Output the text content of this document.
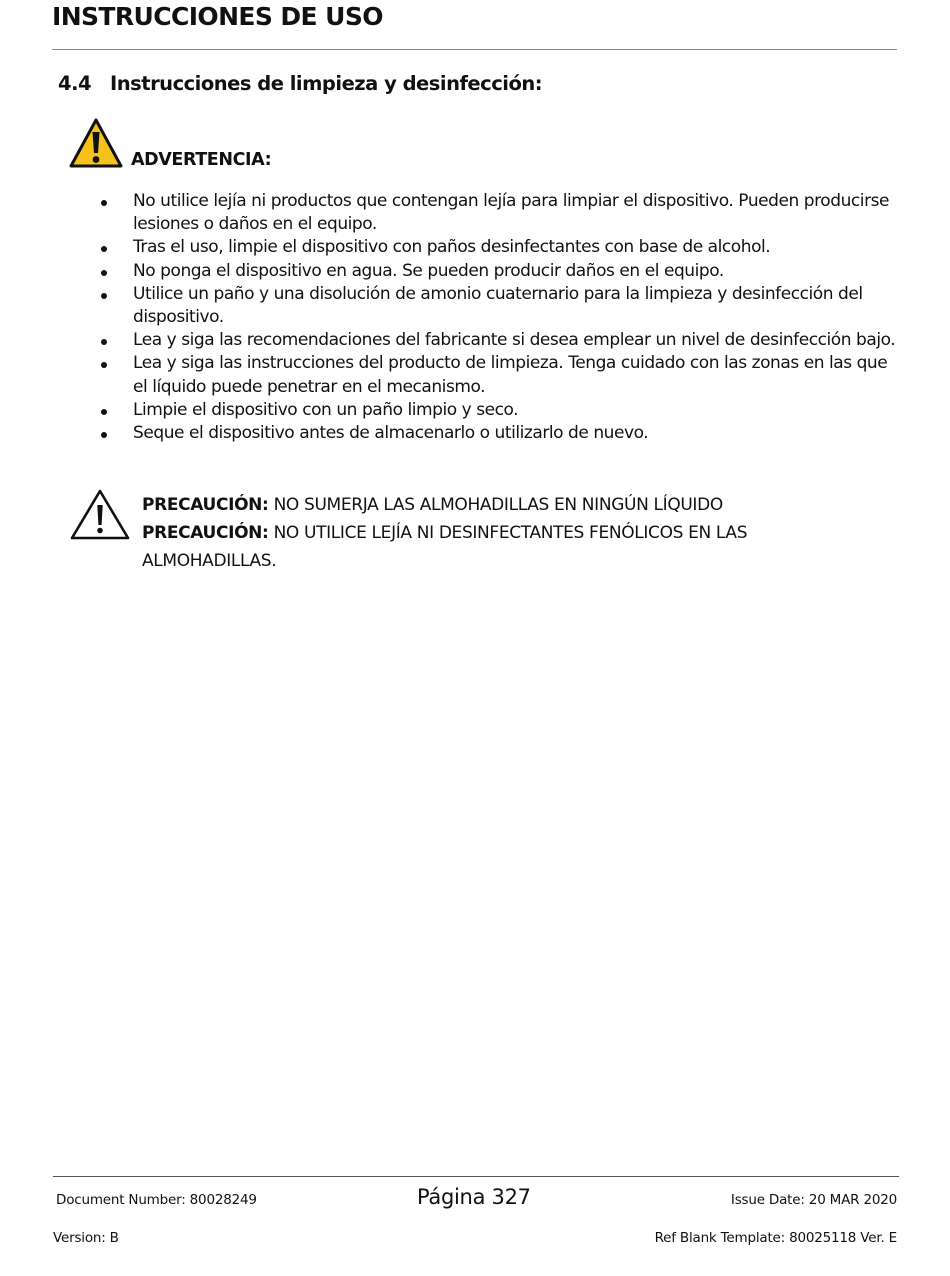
INSTRUCCIONES DE USO
4.4 Instrucciones de limpieza y desinfección:
ADVERTENCIA:
No utilice lejía ni productos que contengan lejía para limpiar el dispositivo. Pueden producirse lesiones o daños en el equipo.
Tras el uso, limpie el dispositivo con paños desinfectantes con base de alcohol.
No ponga el dispositivo en agua. Se pueden producir daños en el equipo.
Utilice un paño y una disolución de amonio cuaternario para la limpieza y desinfección del dispositivo.
Lea y siga las recomendaciones del fabricante si desea emplear un nivel de desinfección bajo.
Lea y siga las instrucciones del producto de limpieza. Tenga cuidado con las zonas en las que el líquido puede penetrar en el mecanismo.
Limpie el dispositivo con un paño limpio y seco.
Seque el dispositivo antes de almacenarlo o utilizarlo de nuevo.
PRECAUCIÓN: NO SUMERJA LAS ALMOHADILLAS EN NINGÚN LÍQUIDO
PRECAUCIÓN: NO UTILICE LEJÍA NI DESINFECTANTES FENÓLICOS EN LAS ALMOHADILLAS.
Document Number: 80028249	Página 327	Issue Date: 20 MAR 2020
Version: B	Ref Blank Template: 80025118 Ver. E
